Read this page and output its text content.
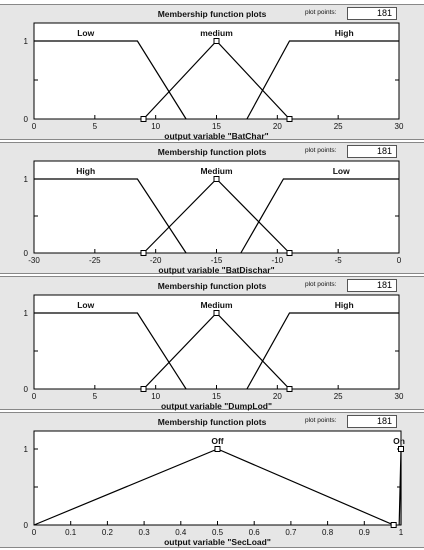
Membership function plots	plot points:	181
0
1
0	5	10	15	20	25	30
Low	medium	High
output variable "BatChar"
Membership function plots	plot points:	181
0
1
-30	-25	-20	-15	-10	-5	0
High	Medium	Low
output variable "BatDischar"
Membership function plots	plot points:	181
0
1
0	5	10	15	20	25	30
Low	Medium	High
output variable "DumpLod"
Membership function plots	plot points:	181
0
1
0	0.1	0.2	0.3	0.4	0.5	0.6	0.7	0.8	0.9	1
Off	On
output variable "SecLoad"
